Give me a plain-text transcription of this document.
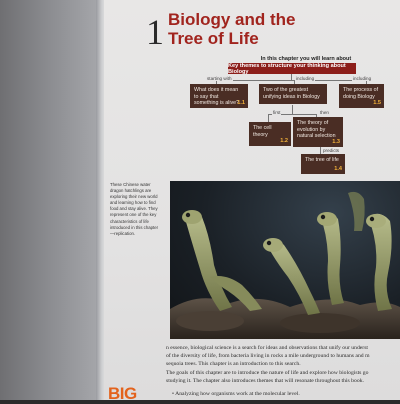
1 Biology and the
Tree of Life
In this chapter you will learn about
Key themes to structure your thinking about Biology
starting with	including	including
first	then
predicts
What does it mean to say that something is alive?
1.1
Two of the greatest unifying ideas in Biology
The process of doing Biology
1.5
The cell theory
1.2
The theory of evolution by natural selection
1.3
The tree of life
1.4
These Chinese water dragon hatchlings are exploring their new world and learning how to find food and stay alive. They represent one of the key characteristics of life introduced in this chapter—replication.

n essence, biological science is a search for ideas and observations that unify our underst

of the diversity of life, from bacteria living in rocks a mile underground to humans and m

sequoia trees. This chapter is an introduction to this search.

The goals of this chapter are to introduce the nature of life and explore how biologists go

studying it. The chapter also introduces themes that will resonate throughout this book.

• Analyzing how organisms work at the molecular level.
BIG
